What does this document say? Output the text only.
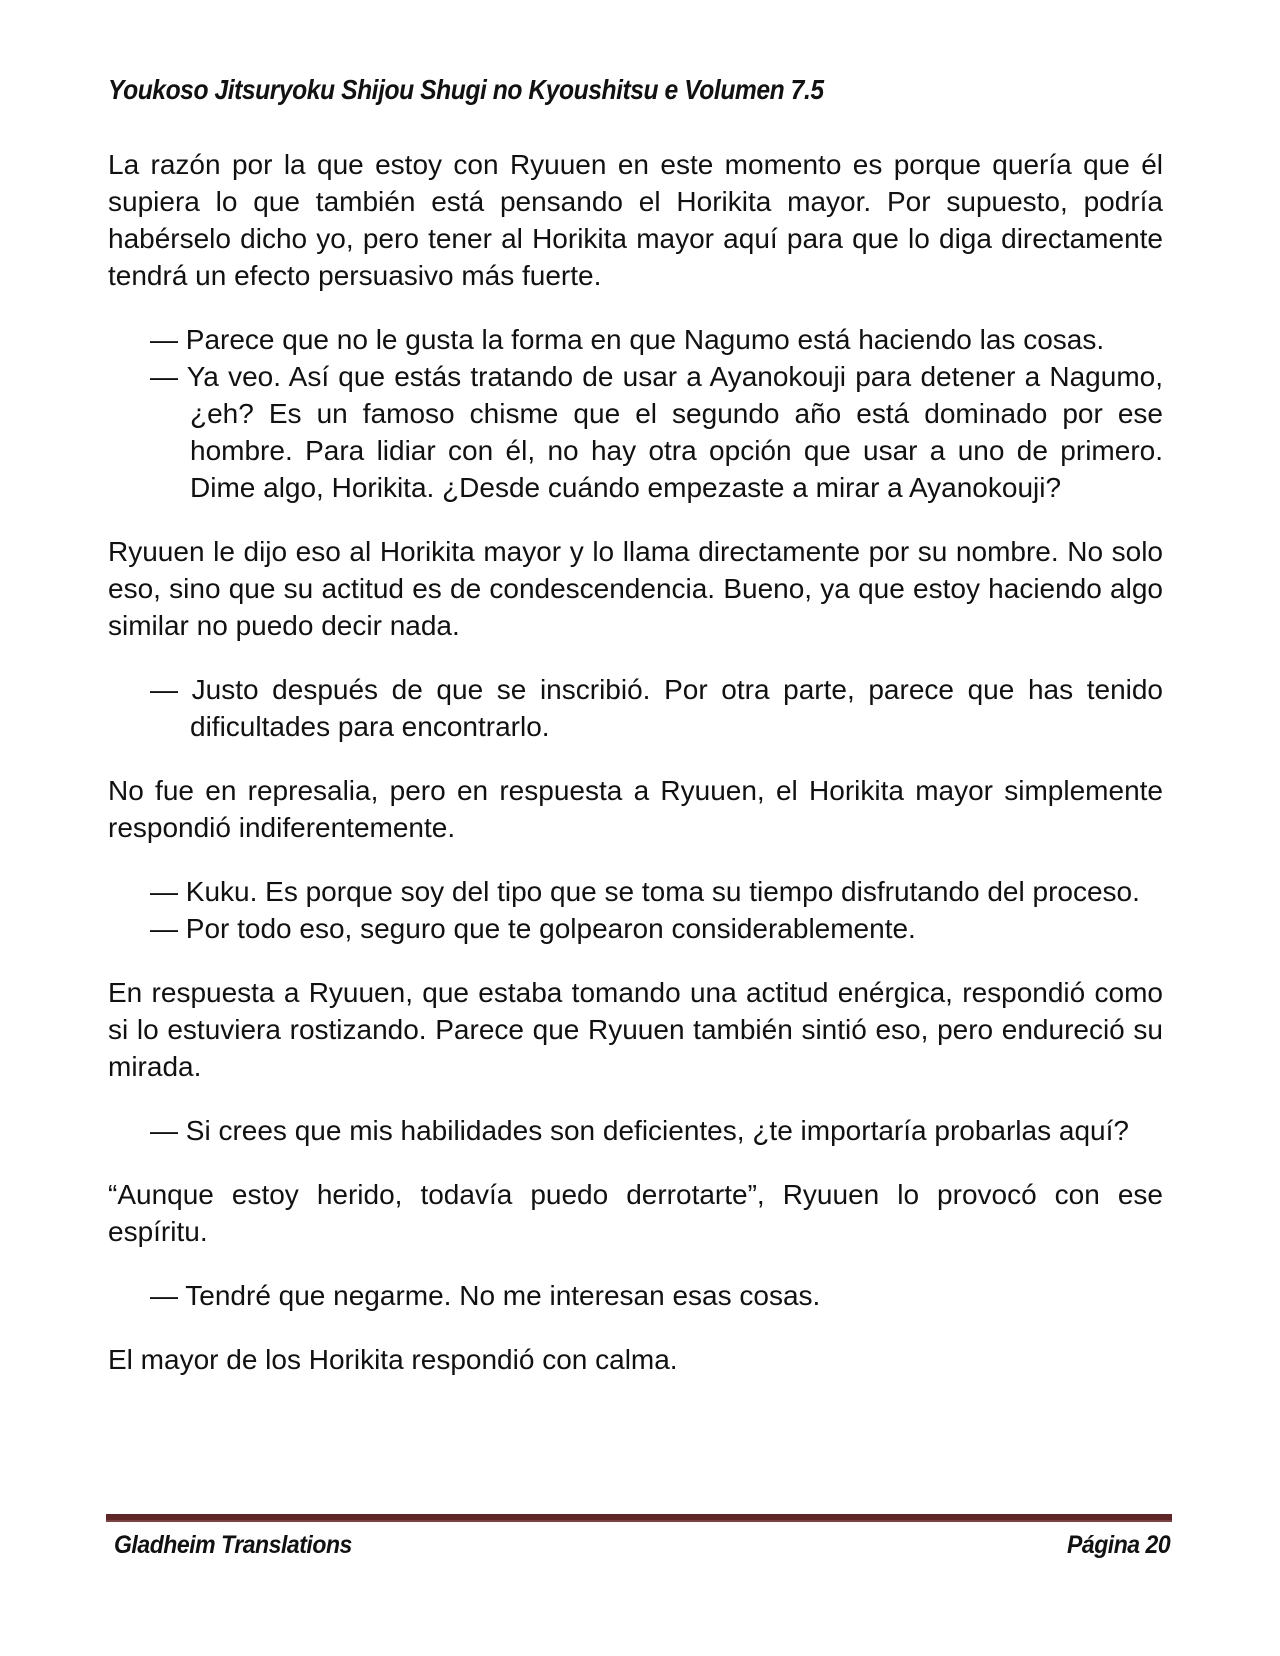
Youkoso Jitsuryoku Shijou Shugi no Kyoushitsu e Volumen 7.5

La razón por la que estoy con Ryuuen en este momento es porque quería que él supiera lo que también está pensando el Horikita mayor. Por supuesto, podría habérselo dicho yo, pero tener al Horikita mayor aquí para que lo diga directamente tendrá un efecto persuasivo más fuerte.

— Parece que no le gusta la forma en que Nagumo está haciendo las cosas.

— Ya veo. Así que estás tratando de usar a Ayanokouji para detener a Nagumo, ¿eh? Es un famoso chisme que el segundo año está dominado por ese hombre. Para lidiar con él, no hay otra opción que usar a uno de primero. Dime algo, Horikita. ¿Desde cuándo empezaste a mirar a Ayanokouji?

Ryuuen le dijo eso al Horikita mayor y lo llama directamente por su nombre. No solo eso, sino que su actitud es de condescendencia. Bueno, ya que estoy haciendo algo similar no puedo decir nada.

— Justo después de que se inscribió. Por otra parte, parece que has tenido dificultades para encontrarlo.

No fue en represalia, pero en respuesta a Ryuuen, el Horikita mayor simplemente respondió indiferentemente.

— Kuku. Es porque soy del tipo que se toma su tiempo disfrutando del proceso.

— Por todo eso, seguro que te golpearon considerablemente.

En respuesta a Ryuuen, que estaba tomando una actitud enérgica, respondió como si lo estuviera rostizando. Parece que Ryuuen también sintió eso, pero endureció su mirada.

— Si crees que mis habilidades son deficientes, ¿te importaría probarlas aquí?

“Aunque estoy herido, todavía puedo derrotarte”, Ryuuen lo provocó con ese espíritu.

— Tendré que negarme. No me interesan esas cosas.

El mayor de los Horikita respondió con calma.

Gladheim Translations	Página 20
